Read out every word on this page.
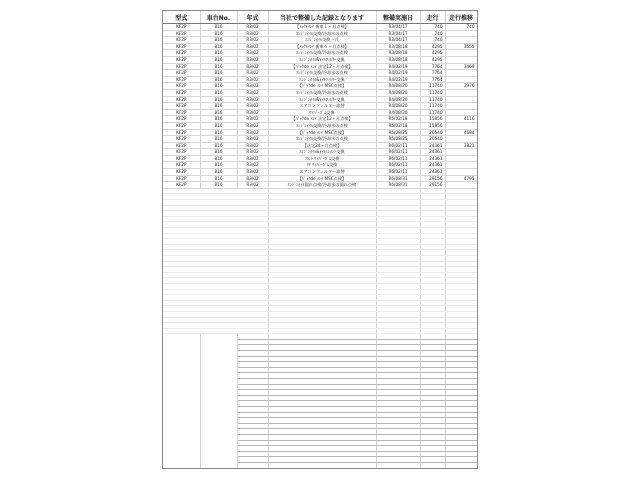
型式	車台No.	年式	当社で整備した記録となります	整備実施日	走行	走行推移
KF2P	816	R3/02	【ﾒｯｸﾙﾒﾝﾃ 新車１ヶ月点検】	R3/04/17	740	740
KF2P	816	R3/02	ｴﾝｼﾞﾝｵｲﾙ交換/冷却水の点検	R3/04/17	740	
KF2P	816	R3/02	ｴﾝｼﾞﾝｵｲﾙ交換一式	R3/04/17	740	
KF2P	816	R3/02	【ﾒｯｸﾙﾒﾝﾃ 新車６ヶ月点検】	R3/08/18	4295	3555
KF2P	816	R3/02	ｴﾝｼﾞﾝｵｲﾙ交換/冷却水の点検	R3/08/18	4295	
KF2P	816	R3/02	ｴﾝｼﾞﾝｵｲﾙ&ｵｲﾙﾌｨﾙﾀｰ交換	R3/08/18	4295	
KF2P	816	R3/02	【ﾊﾟｯｸde ﾒﾝﾃ 法定12ヶ月点検】	R4/02/19	7764	3469
KF2P	816	R3/02	ｴﾝｼﾞﾝｵｲﾙ交換/冷却水の点検	R4/02/19	7764	
KF2P	816	R3/02	ｴﾝｼﾞﾝｵｲﾙ&ｵｲﾙﾌｨﾙﾀｰ交換	R4/02/19	7764	
KF2P	816	R3/02	【ﾊﾟｯｸde ﾒﾝﾃ MSC点検】	R4/08/20	11740	3976
KF2P	816	R3/02	ｴﾝｼﾞﾝｵｲﾙ交換/冷却水の点検	R4/08/20	11740	
KF2P	816	R3/02	ｴﾝｼﾞﾝｵｲﾙ&ｵｲﾙﾌｨﾙﾀｰ交換	R4/08/20	11740	
KF2P	816	R3/02	エアコンフィルター取替	R4/08/20	11740	
KF2P	816	R3/02	ﾜｲﾊﾟｰｺﾞﾑ交換	R4/08/20	11740	
KF2P	816	R3/02	【ﾊﾟｯｸde ﾒﾝﾃ 法定12ヶ月点検】	R5/02/18	15856	4116
KF2P	816	R3/02	ｴﾝｼﾞﾝｵｲﾙ交換/冷却水の点検	R5/02/18	15856	
KF2P	816	R3/02	【ﾊﾟｯｸde ﾒﾝﾃ MSC点検】	R5/08/25	20540	4684
KF2P	816	R3/02	ｴﾝｼﾞﾝｵｲﾙ交換/冷却水の点検	R5/08/25	20540	
KF2P	816	R3/02	【法定24ヶ月点検】	R6/02/11	24361	3821
KF2P	816	R3/02	ｴﾝｼﾞﾝｵｲﾙ&ｵｲﾙｴﾚﾒﾝﾄ交換	R6/02/11	24361	
KF2P	816	R3/02	ﾌﾛﾝﾄ ﾜｲﾊﾟｰｺﾞﾑ交換	R6/02/11	24361	
KF2P	816	R3/02	ﾘﾔ ﾜｲﾊﾟｰｺﾞﾑ交換	R6/02/11	24361	
KF2P	816	R3/02	エアコンフィルター取替	R6/02/11	24361	
KF2P	816	R3/02	【ﾊﾟｯｸde ﾒﾝﾃ MSC点検】	R6/08/31	29156	4795
KF2P	816	R3/02	ｴﾝｼﾞﾝｵｲﾙ漏れ点検/冷却水の漏れ点検	R6/08/31	29156	
